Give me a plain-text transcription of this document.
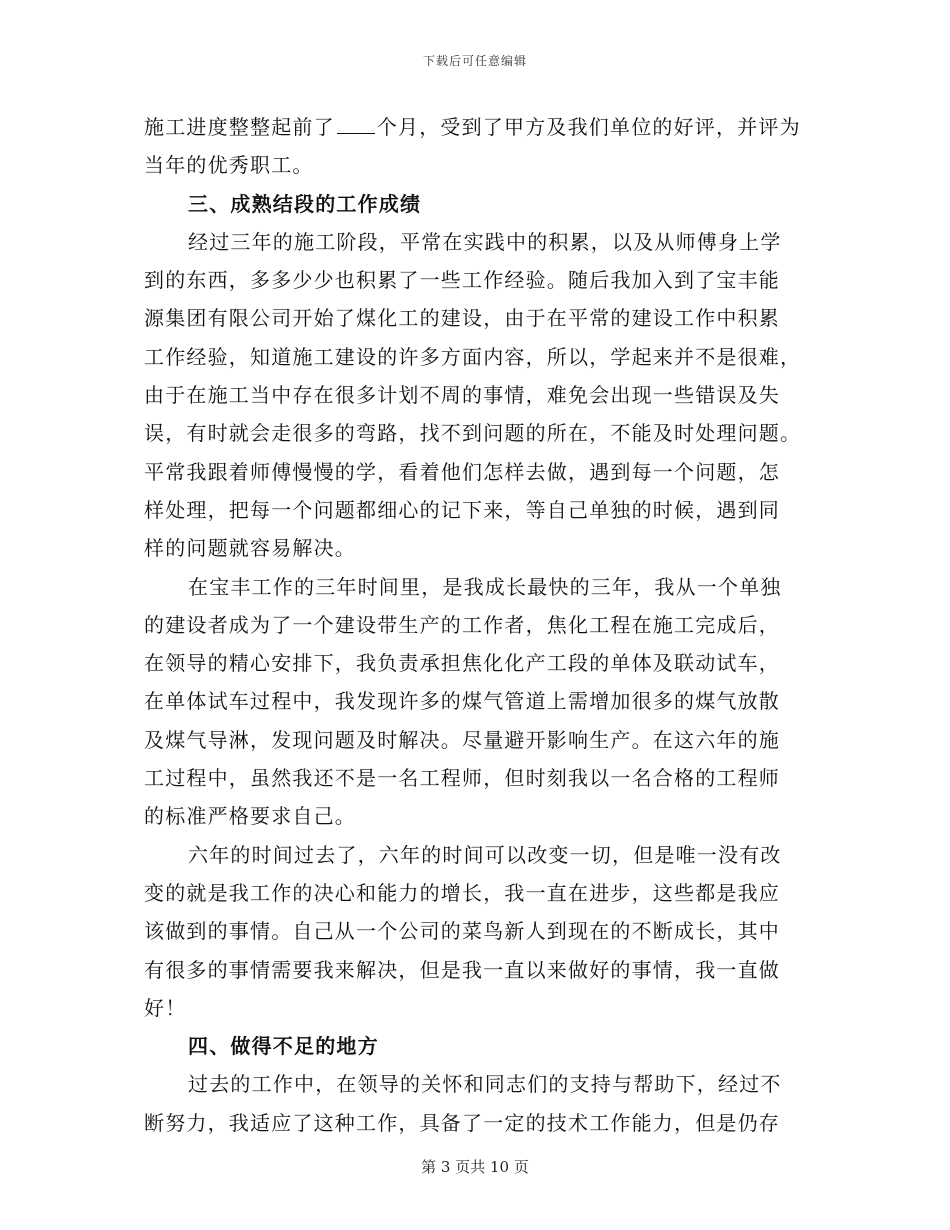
下载后可任意编辑
施工进度整整起前了 个月，受到了甲方及我们单位的好评，并评为
当年的优秀职工。
三、成熟结段的工作成绩
经过三年的施工阶段，平常在实践中的积累，以及从师傅身上学
到的东西，多多少少也积累了一些工作经验。随后我加入到了宝丰能
源集团有限公司开始了煤化工的建设，由于在平常的建设工作中积累
工作经验，知道施工建设的许多方面内容，所以，学起来并不是很难，
由于在施工当中存在很多计划不周的事情，难免会出现一些错误及失
误，有时就会走很多的弯路，找不到问题的所在，不能及时处理问题。
平常我跟着师傅慢慢的学，看着他们怎样去做，遇到每一个问题，怎
样处理，把每一个问题都细心的记下来，等自己单独的时候，遇到同
样的问题就容易解决。
在宝丰工作的三年时间里，是我成长最快的三年，我从一个单独
的建设者成为了一个建设带生产的工作者，焦化工程在施工完成后，
在领导的精心安排下，我负责承担焦化化产工段的单体及联动试车，
在单体试车过程中，我发现许多的煤气管道上需增加很多的煤气放散
及煤气导淋，发现问题及时解决。尽量避开影响生产。在这六年的施
工过程中，虽然我还不是一名工程师，但时刻我以一名合格的工程师
的标准严格要求自己。
六年的时间过去了，六年的时间可以改变一切，但是唯一没有改
变的就是我工作的决心和能力的增长，我一直在进步，这些都是我应
该做到的事情。自己从一个公司的菜鸟新人到现在的不断成长，其中
有很多的事情需要我来解决，但是我一直以来做好的事情，我一直做
好！
四、做得不足的地方
过去的工作中，在领导的关怀和同志们的支持与帮助下，经过不
断努力，我适应了这种工作，具备了一定的技术工作能力，但是仍存
第 3 页共 10 页
